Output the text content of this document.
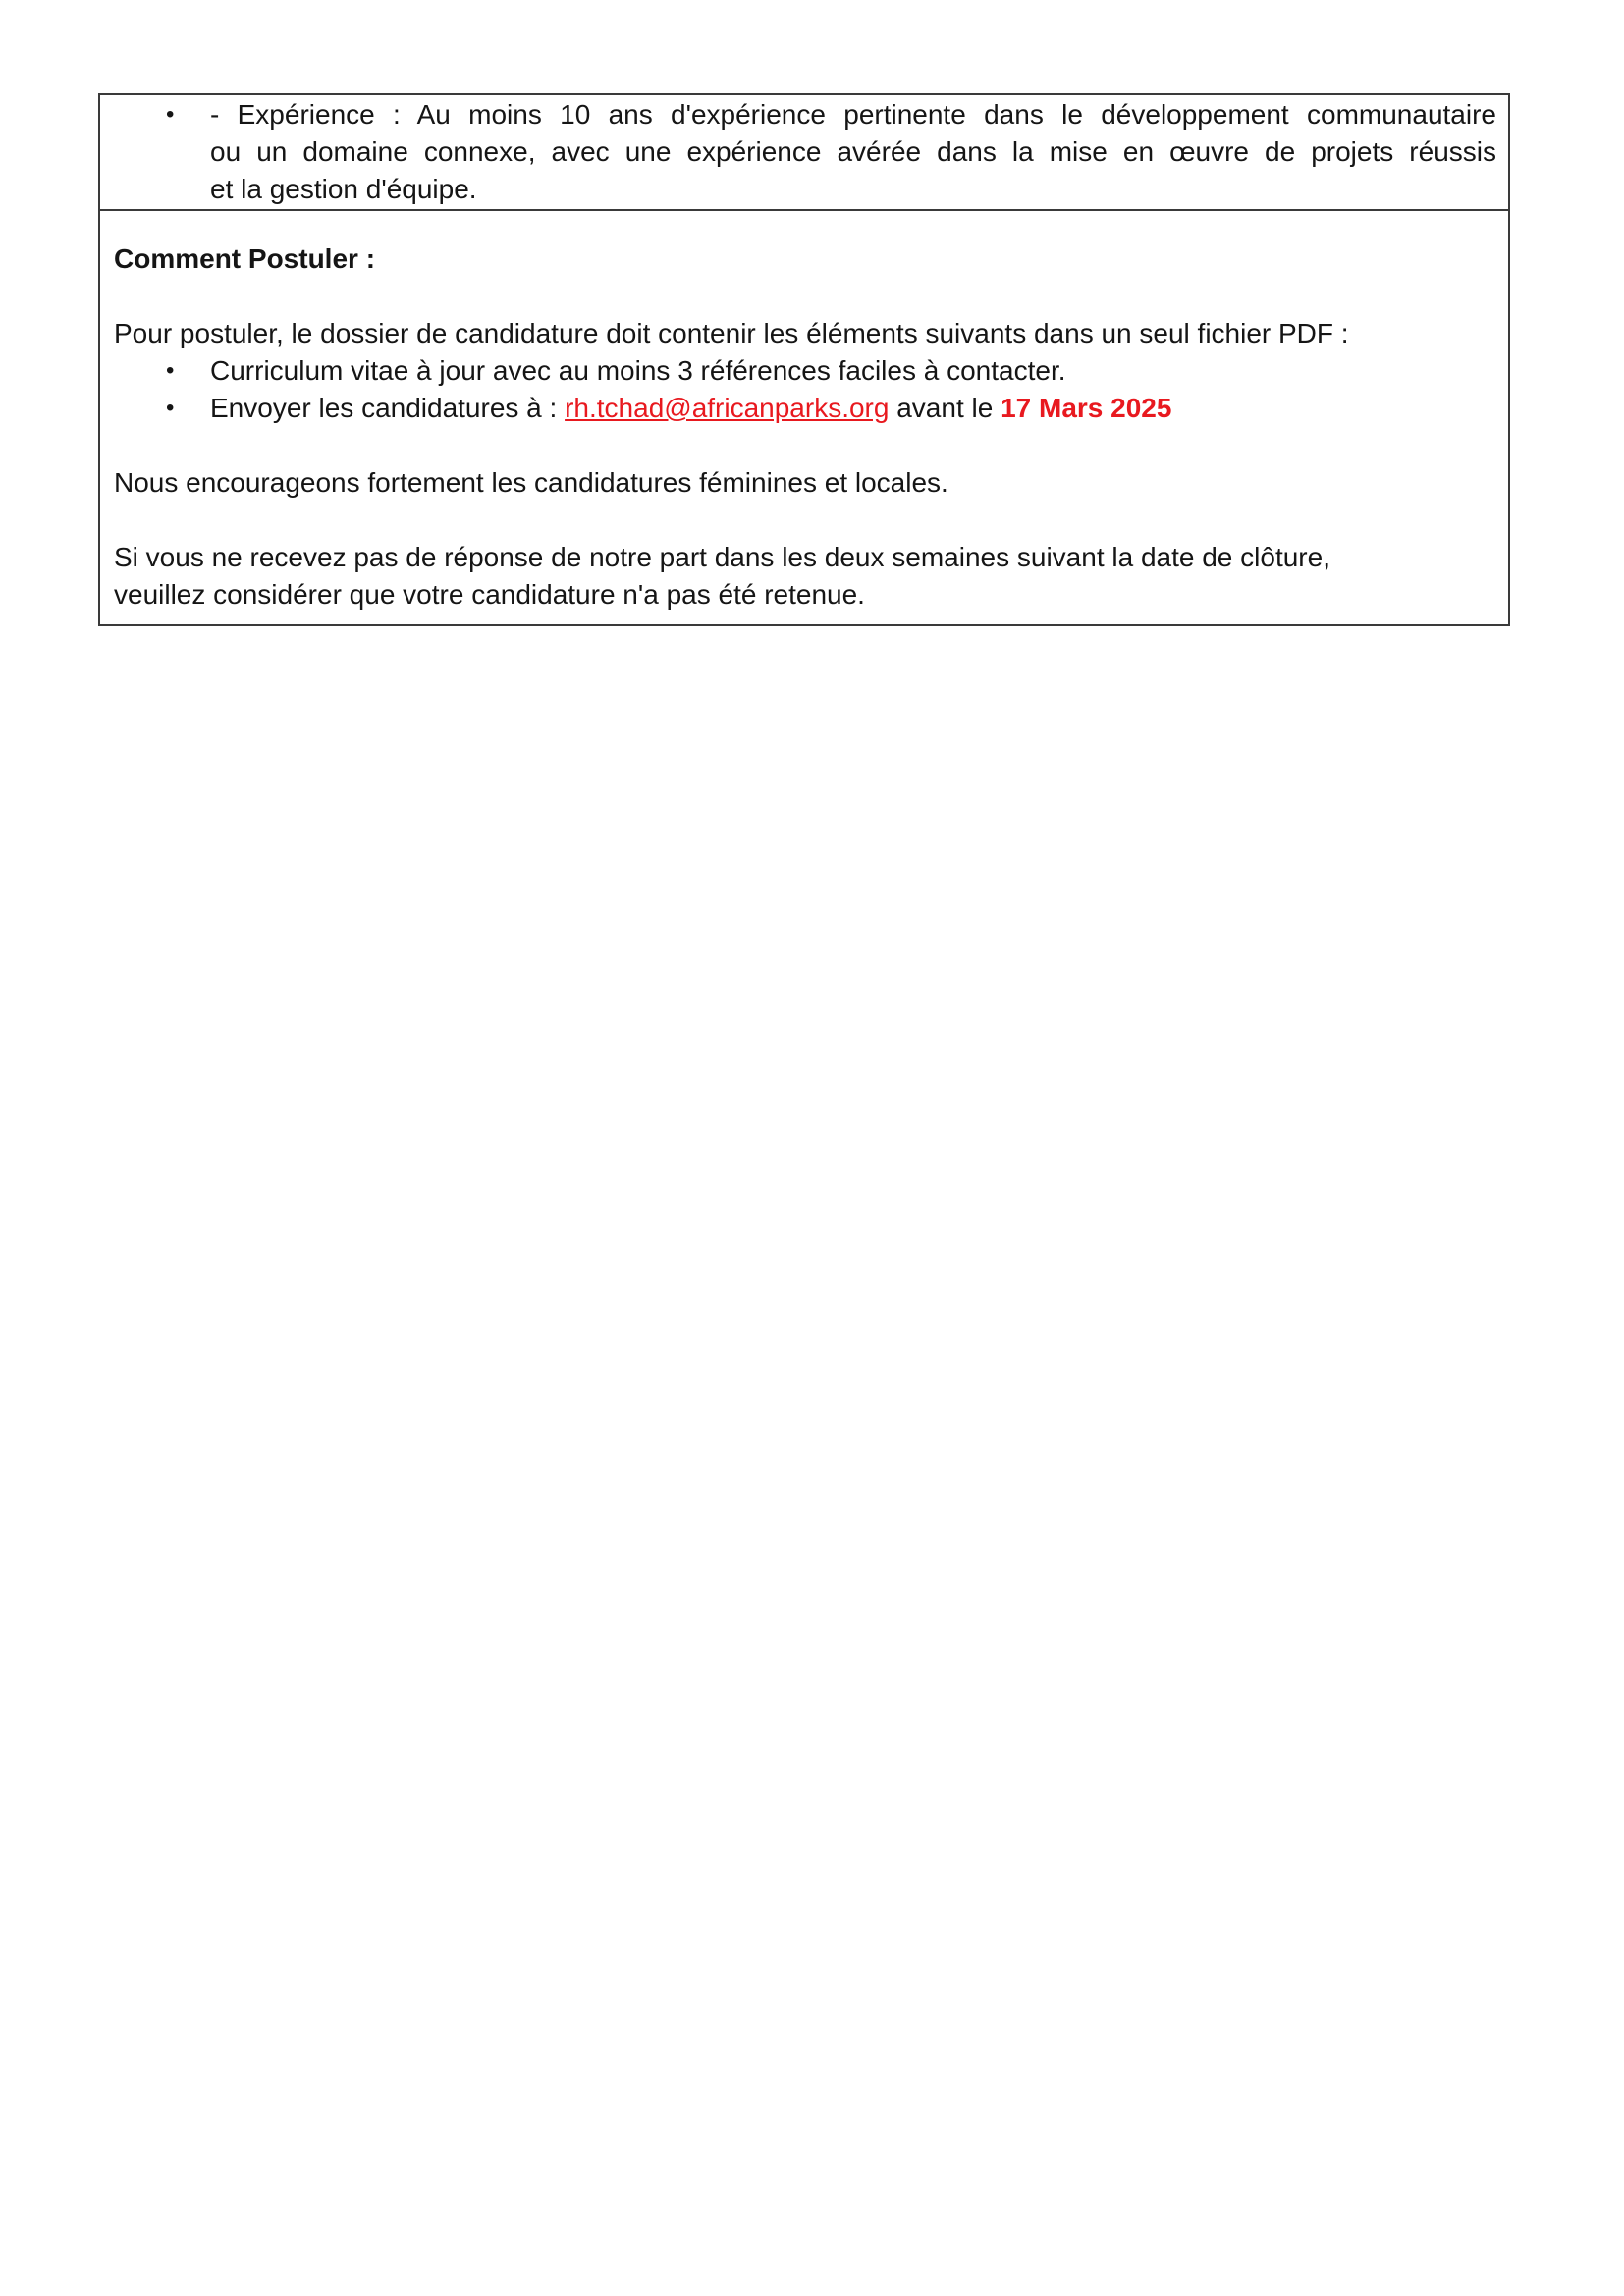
•	- Expérience : Au moins 10 ans d'expérience pertinente dans le développement communautaire
ou un domaine connexe, avec une expérience avérée dans la mise en œuvre de projets réussis
et la gestion d'équipe.
Comment Postuler :
Pour postuler, le dossier de candidature doit contenir les éléments suivants dans un seul fichier PDF :
•	Curriculum vitae à jour avec au moins 3 références faciles à contacter.
•	Envoyer les candidatures à : rh.tchad@africanparks.org avant le 17 Mars 2025
Nous encourageons fortement les candidatures féminines et locales.
Si vous ne recevez pas de réponse de notre part dans les deux semaines suivant la date de clôture,
veuillez considérer que votre candidature n'a pas été retenue.
